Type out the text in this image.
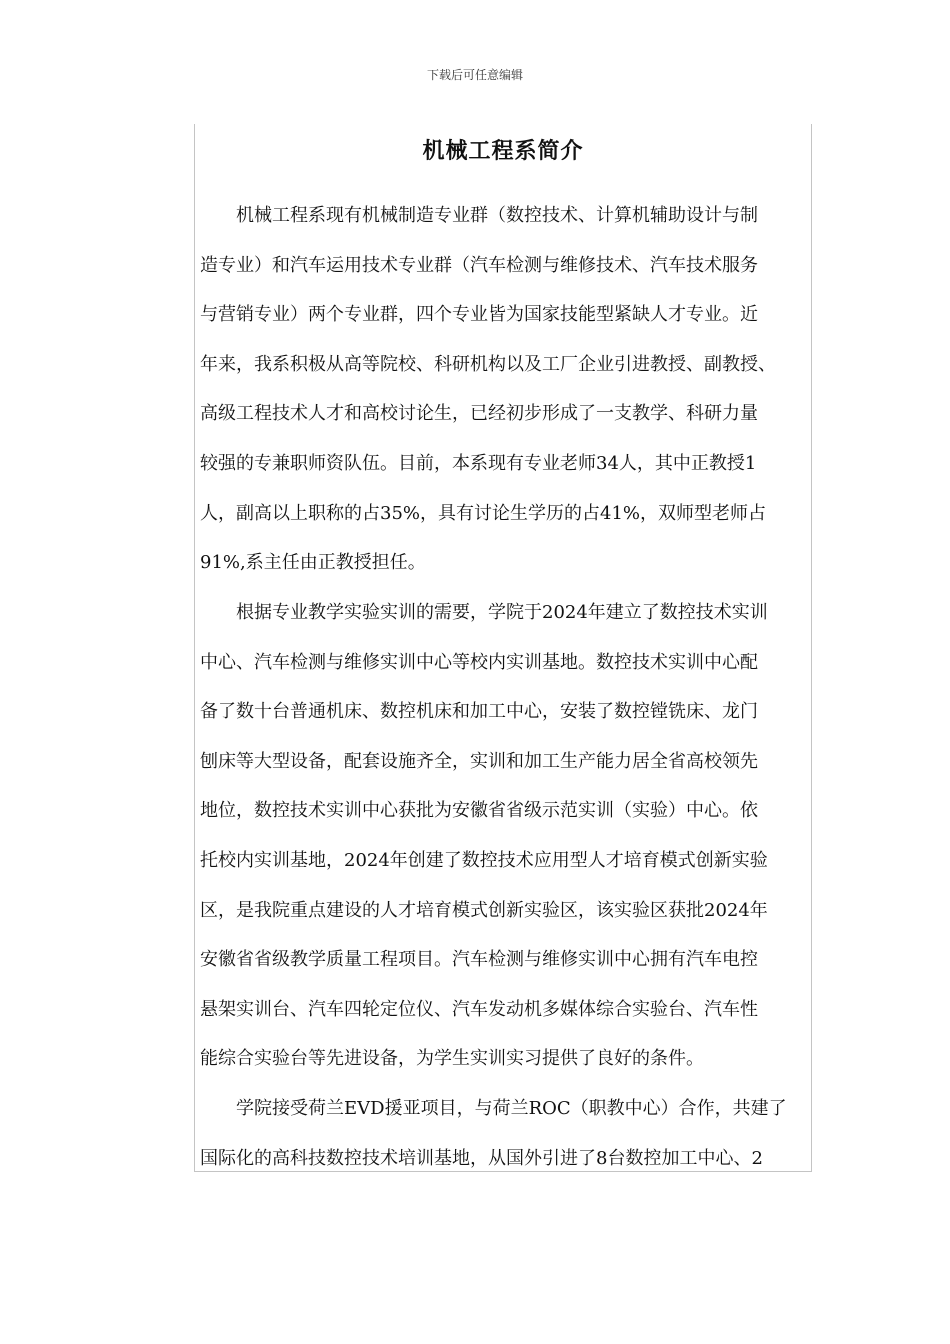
下载后可任意编辑
机械工程系简介
　　机械工程系现有机械制造专业群（数控技术、计算机辅助设计与制
造专业）和汽车运用技术专业群（汽车检测与维修技术、汽车技术服务
与营销专业）两个专业群，四个专业皆为国家技能型紧缺人才专业。近
年来，我系积极从高等院校、科研机构以及工厂企业引进教授、副教授、
高级工程技术人才和高校讨论生，已经初步形成了一支教学、科研力量
较强的专兼职师资队伍。目前，本系现有专业老师34人，其中正教授1
人，副高以上职称的占35%，具有讨论生学历的占41%，双师型老师占
91%,系主任由正教授担任。
　　根据专业教学实验实训的需要，学院于2024年建立了数控技术实训
中心、汽车检测与维修实训中心等校内实训基地。数控技术实训中心配
备了数十台普通机床、数控机床和加工中心，安装了数控镗铣床、龙门
刨床等大型设备，配套设施齐全，实训和加工生产能力居全省高校领先
地位，数控技术实训中心获批为安徽省省级示范实训（实验）中心。依
托校内实训基地，2024年创建了数控技术应用型人才培育模式创新实验
区，是我院重点建设的人才培育模式创新实验区，该实验区获批2024年
安徽省省级教学质量工程项目。汽车检测与维修实训中心拥有汽车电控
悬架实训台、汽车四轮定位仪、汽车发动机多媒体综合实验台、汽车性
能综合实验台等先进设备，为学生实训实习提供了良好的条件。
　　学院接受荷兰EVD援亚项目，与荷兰ROC（职教中心）合作，共建了
国际化的高科技数控技术培训基地，从国外引进了8台数控加工中心、2
